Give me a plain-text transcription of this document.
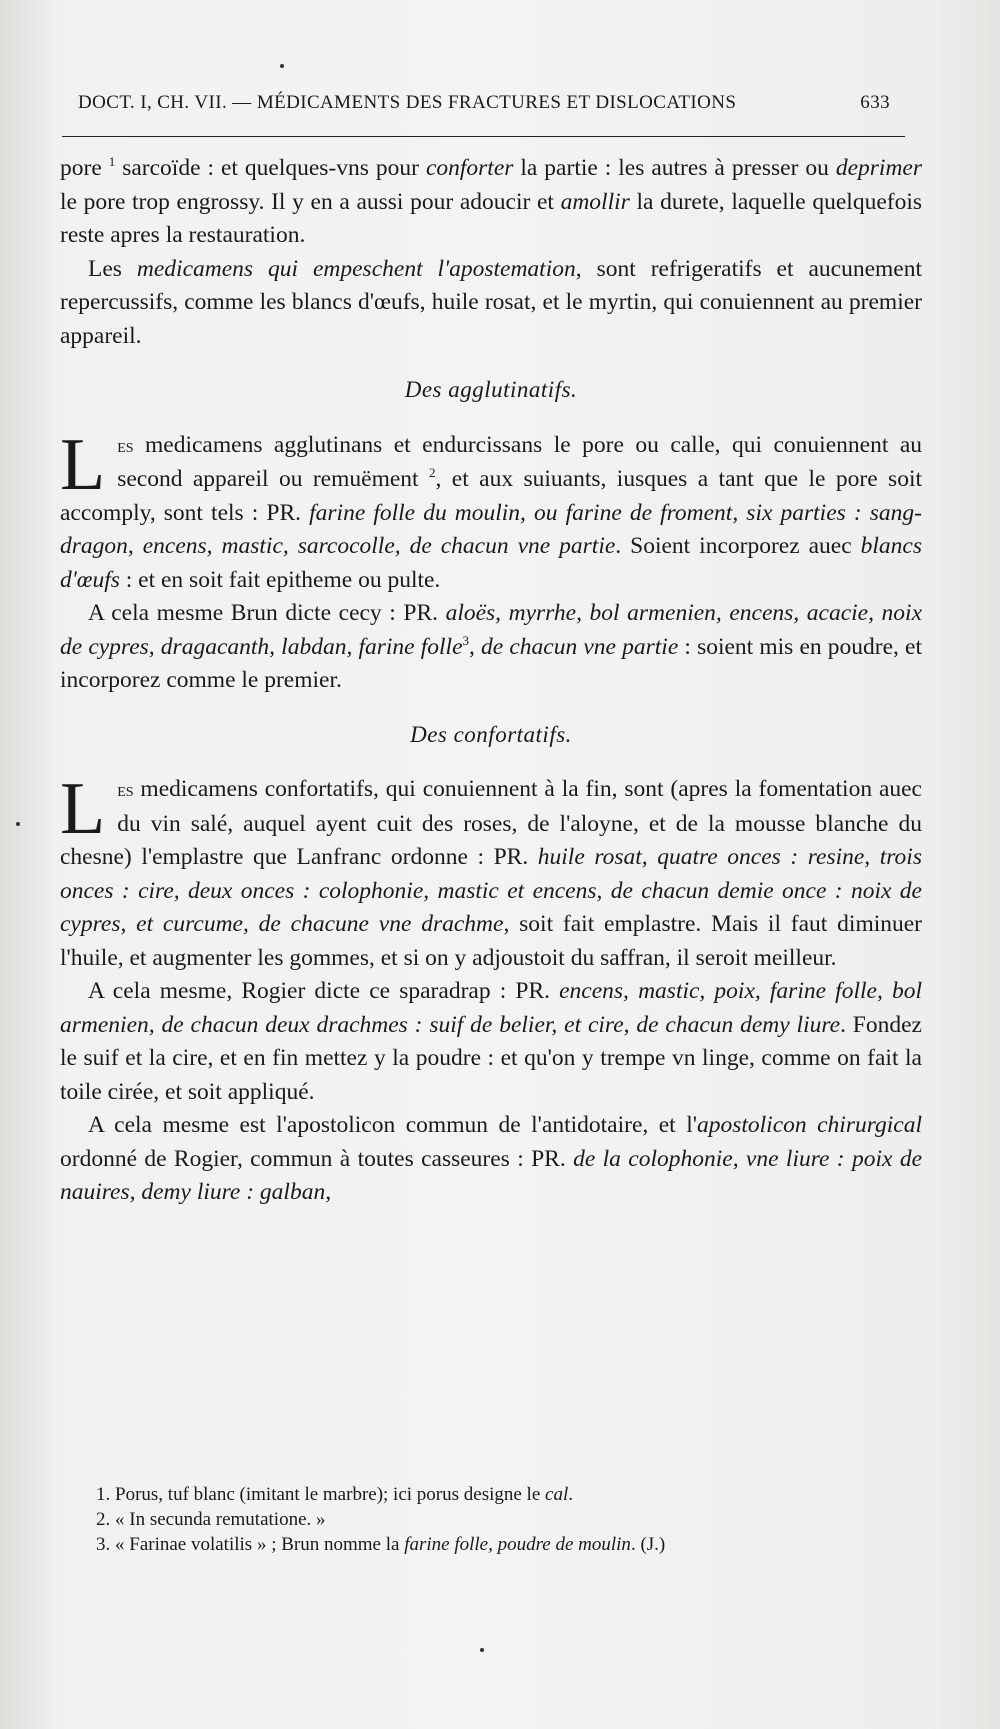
DOCT. I, CH. VII. — MÉDICAMENTS DES FRACTURES ET DISLOCATIONS	633

pore $^1$ sarcoïde : et quelques-vns pour conforter la partie : les autres à presser ou deprimer le pore trop engrossy. Il y en a aussi pour adoucir et amollir la durete, laquelle quelquefois reste apres la restauration.

Les medicamens qui empeschent l'apostemation, sont refrigeratifs et aucunement repercussifs, comme les blancs d'œufs, huile rosat, et le myrtin, qui conuiennent au premier appareil.

Des agglutinatifs.

Les medicamens agglutinans et endurcissans le pore ou calle, qui conuiennent au second appareil ou remuëment $^2$, et aux suiuants, iusques a tant que le pore soit accomply, sont tels : PR. farine folle du moulin, ou farine de froment, six parties : sang-dragon, encens, mastic, sarcocolle, de chacun vne partie. Soient incorporez auec blancs d'œufs : et en soit fait epitheme ou pulte.

A cela mesme Brun dicte cecy : PR. aloës, myrrhe, bol armenien, encens, acacie, noix de cypres, dragacanth, labdan, farine folle$^3$, de chacun vne partie : soient mis en poudre, et incorporez comme le premier.

Des confortatifs.

Les medicamens confortatifs, qui conuiennent à la fin, sont (apres la fomentation auec du vin salé, auquel ayent cuit des roses, de l'aloyne, et de la mousse blanche du chesne) l'emplastre que Lanfranc ordonne : PR. huile rosat, quatre onces : resine, trois onces : cire, deux onces : colophonie, mastic et encens, de chacun demie once : noix de cypres, et curcume, de chacune vne drachme, soit fait emplastre. Mais il faut diminuer l'huile, et augmenter les gommes, et si on y adjoustoit du saffran, il seroit meilleur.

A cela mesme, Rogier dicte ce sparadrap : PR. encens, mastic, poix, farine folle, bol armenien, de chacun deux drachmes : suif de belier, et cire, de chacun demy liure. Fondez le suif et la cire, et en fin mettez y la poudre : et qu'on y trempe vn linge, comme on fait la toile cirée, et soit appliqué.

A cela mesme est l'apostolicon commun de l'antidotaire, et l'apostolicon chirurgical ordonné de Rogier, commun à toutes casseures : PR. de la colophonie, vne liure : poix de nauires, demy liure : galban,

1. Porus, tuf blanc (imitant le marbre); ici porus designe le cal.
2. « In secunda remutatione. »
3. « Farinae volatilis » ; Brun nomme la farine folle, poudre de moulin. (J.)
